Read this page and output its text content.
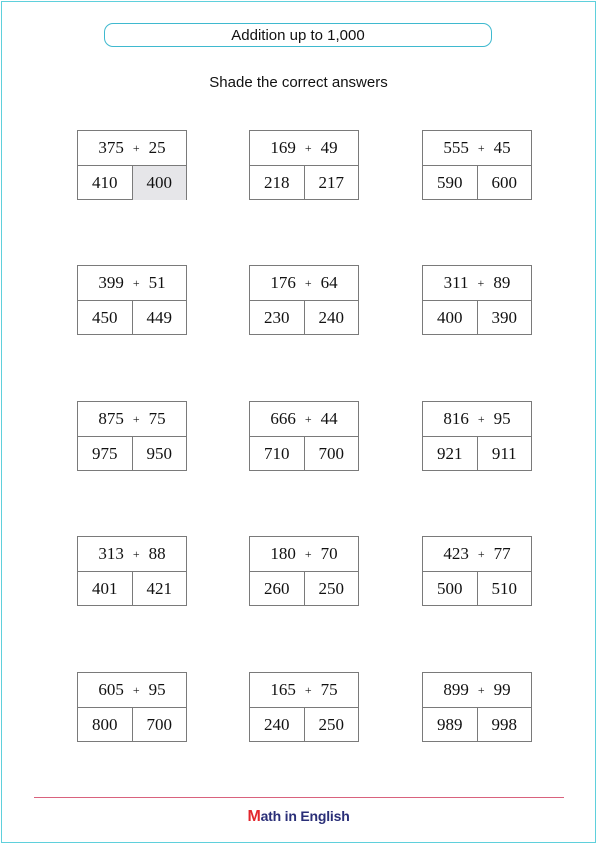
Addition up to 1,000
Shade the correct answers
375 + 25
410	400
169 + 49
218	217
555 + 45
590	600
399 + 51
450	449
176 + 64
230	240
311 + 89
400	390
875 + 75
975	950
666 + 44
710	700
816 + 95
921	911
313 + 88
401	421
180 + 70
260	250
423 + 77
500	510
605 + 95
800	700
165 + 75
240	250
899 + 99
989	998
Math in English
